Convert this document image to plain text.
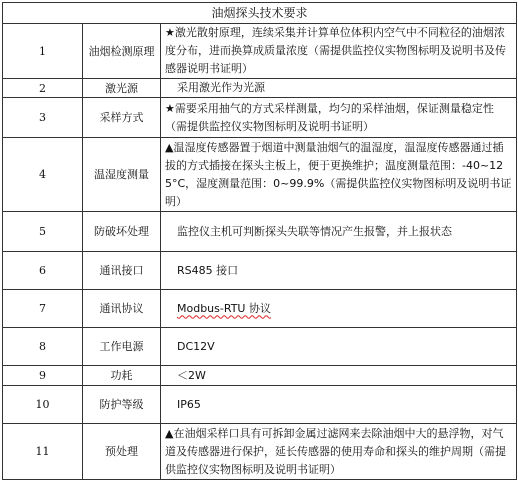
油烟探头技术要求		
1	油烟检测原理	★激光散射原理，连续采集并计算单位体积内空气中不同粒径的油烟浓度分布，进而换算成质量浓度（需提供监控仪实物图标明及说明书及传感器说明书证明）
2	激光源	采用激光作为光源
3	采样方式	★需要采用抽气的方式采样测量，均匀的采样油烟，保证测量稳定性（需提供监控仪实物图标明及说明书证明）
4	温湿度测量	▲温湿度传感器置于烟道中测量油烟气的温湿度，温湿度传感器通过插拔的方式插接在探头主板上，便于更换维护；温度测量范围：-40~125°C，湿度测量范围：0~99.9%（需提供监控仪实物图标明及说明书证明）
5	防破坏处理	监控仪主机可判断探头失联等情况产生报警，并上报状态
6	通讯接口	RS485 接口
7	通讯协议	Modbus-RTU 协议
8	工作电源	DC12V
9	功耗	＜2W
10	防护等级	IP65
11	预处理	▲在油烟采样口具有可拆卸金属过滤网来去除油烟中大的悬浮物，对气道及传感器进行保护，延长传感器的使用寿命和探头的维护周期（需提供监控仪实物图标明及说明书证明）
